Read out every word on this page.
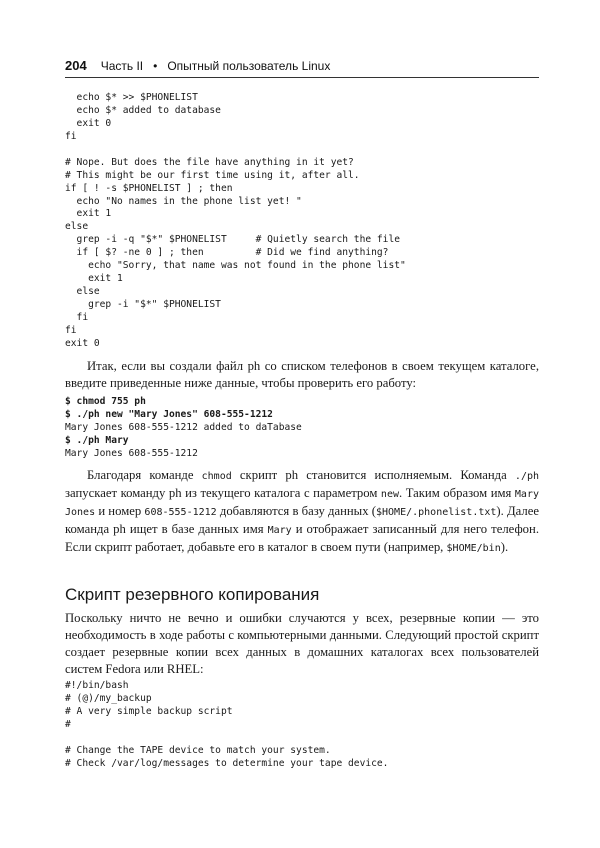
204 Часть II • Опытный пользователь Linux
echo $* >> $PHONELIST
echo $* added to database
exit 0
fi
# Nope. But does the file have anything in it yet?
# This might be our first time using it, after all.
if [ ! -s $PHONELIST ] ; then
echo "No names in the phone list yet! "
exit 1
else
grep -i -q "$*" $PHONELIST     # Quietly search the file
if [ $? -ne 0 ] ; then         # Did we find anything?
echo "Sorry, that name was not found in the phone list"
exit 1
else
grep -i "$*" $PHONELIST
fi
fi
exit 0

Итак, если вы создали файл ph со списком телефонов в своем текущем каталоге, введите приведенные ниже данные, чтобы проверить его работу:

$ chmod 755 ph
$ ./ph new "Mary Jones" 608-555-1212
Mary Jones 608-555-1212 added to daTabase
$ ./ph Mary
Mary Jones 608-555-1212

Благодаря команде chmod скрипт ph становится исполняемым. Команда ./ph запускает команду ph из текущего каталога с параметром new. Таким образом имя Mary Jones и номер 608-555-1212 добавляются в базу данных ($HOME/.phonelist.txt). Далее команда ph ищет в базе данных имя Mary и отображает записанный для него телефон. Если скрипт работает, добавьте его в каталог в своем пути (например, $HOME/bin).

Скрипт резервного копирования

Поскольку ничто не вечно и ошибки случаются у всех, резервные копии — это необходимость в ходе работы с компьютерными данными. Следующий простой скрипт создает резервные копии всех данных в домашних каталогах всех пользователей систем Fedora или RHEL:

#!/bin/bash
# (@)/my_backup
# A very simple backup script
#
# Change the TAPE device to match your system.
# Check /var/log/messages to determine your tape device.
